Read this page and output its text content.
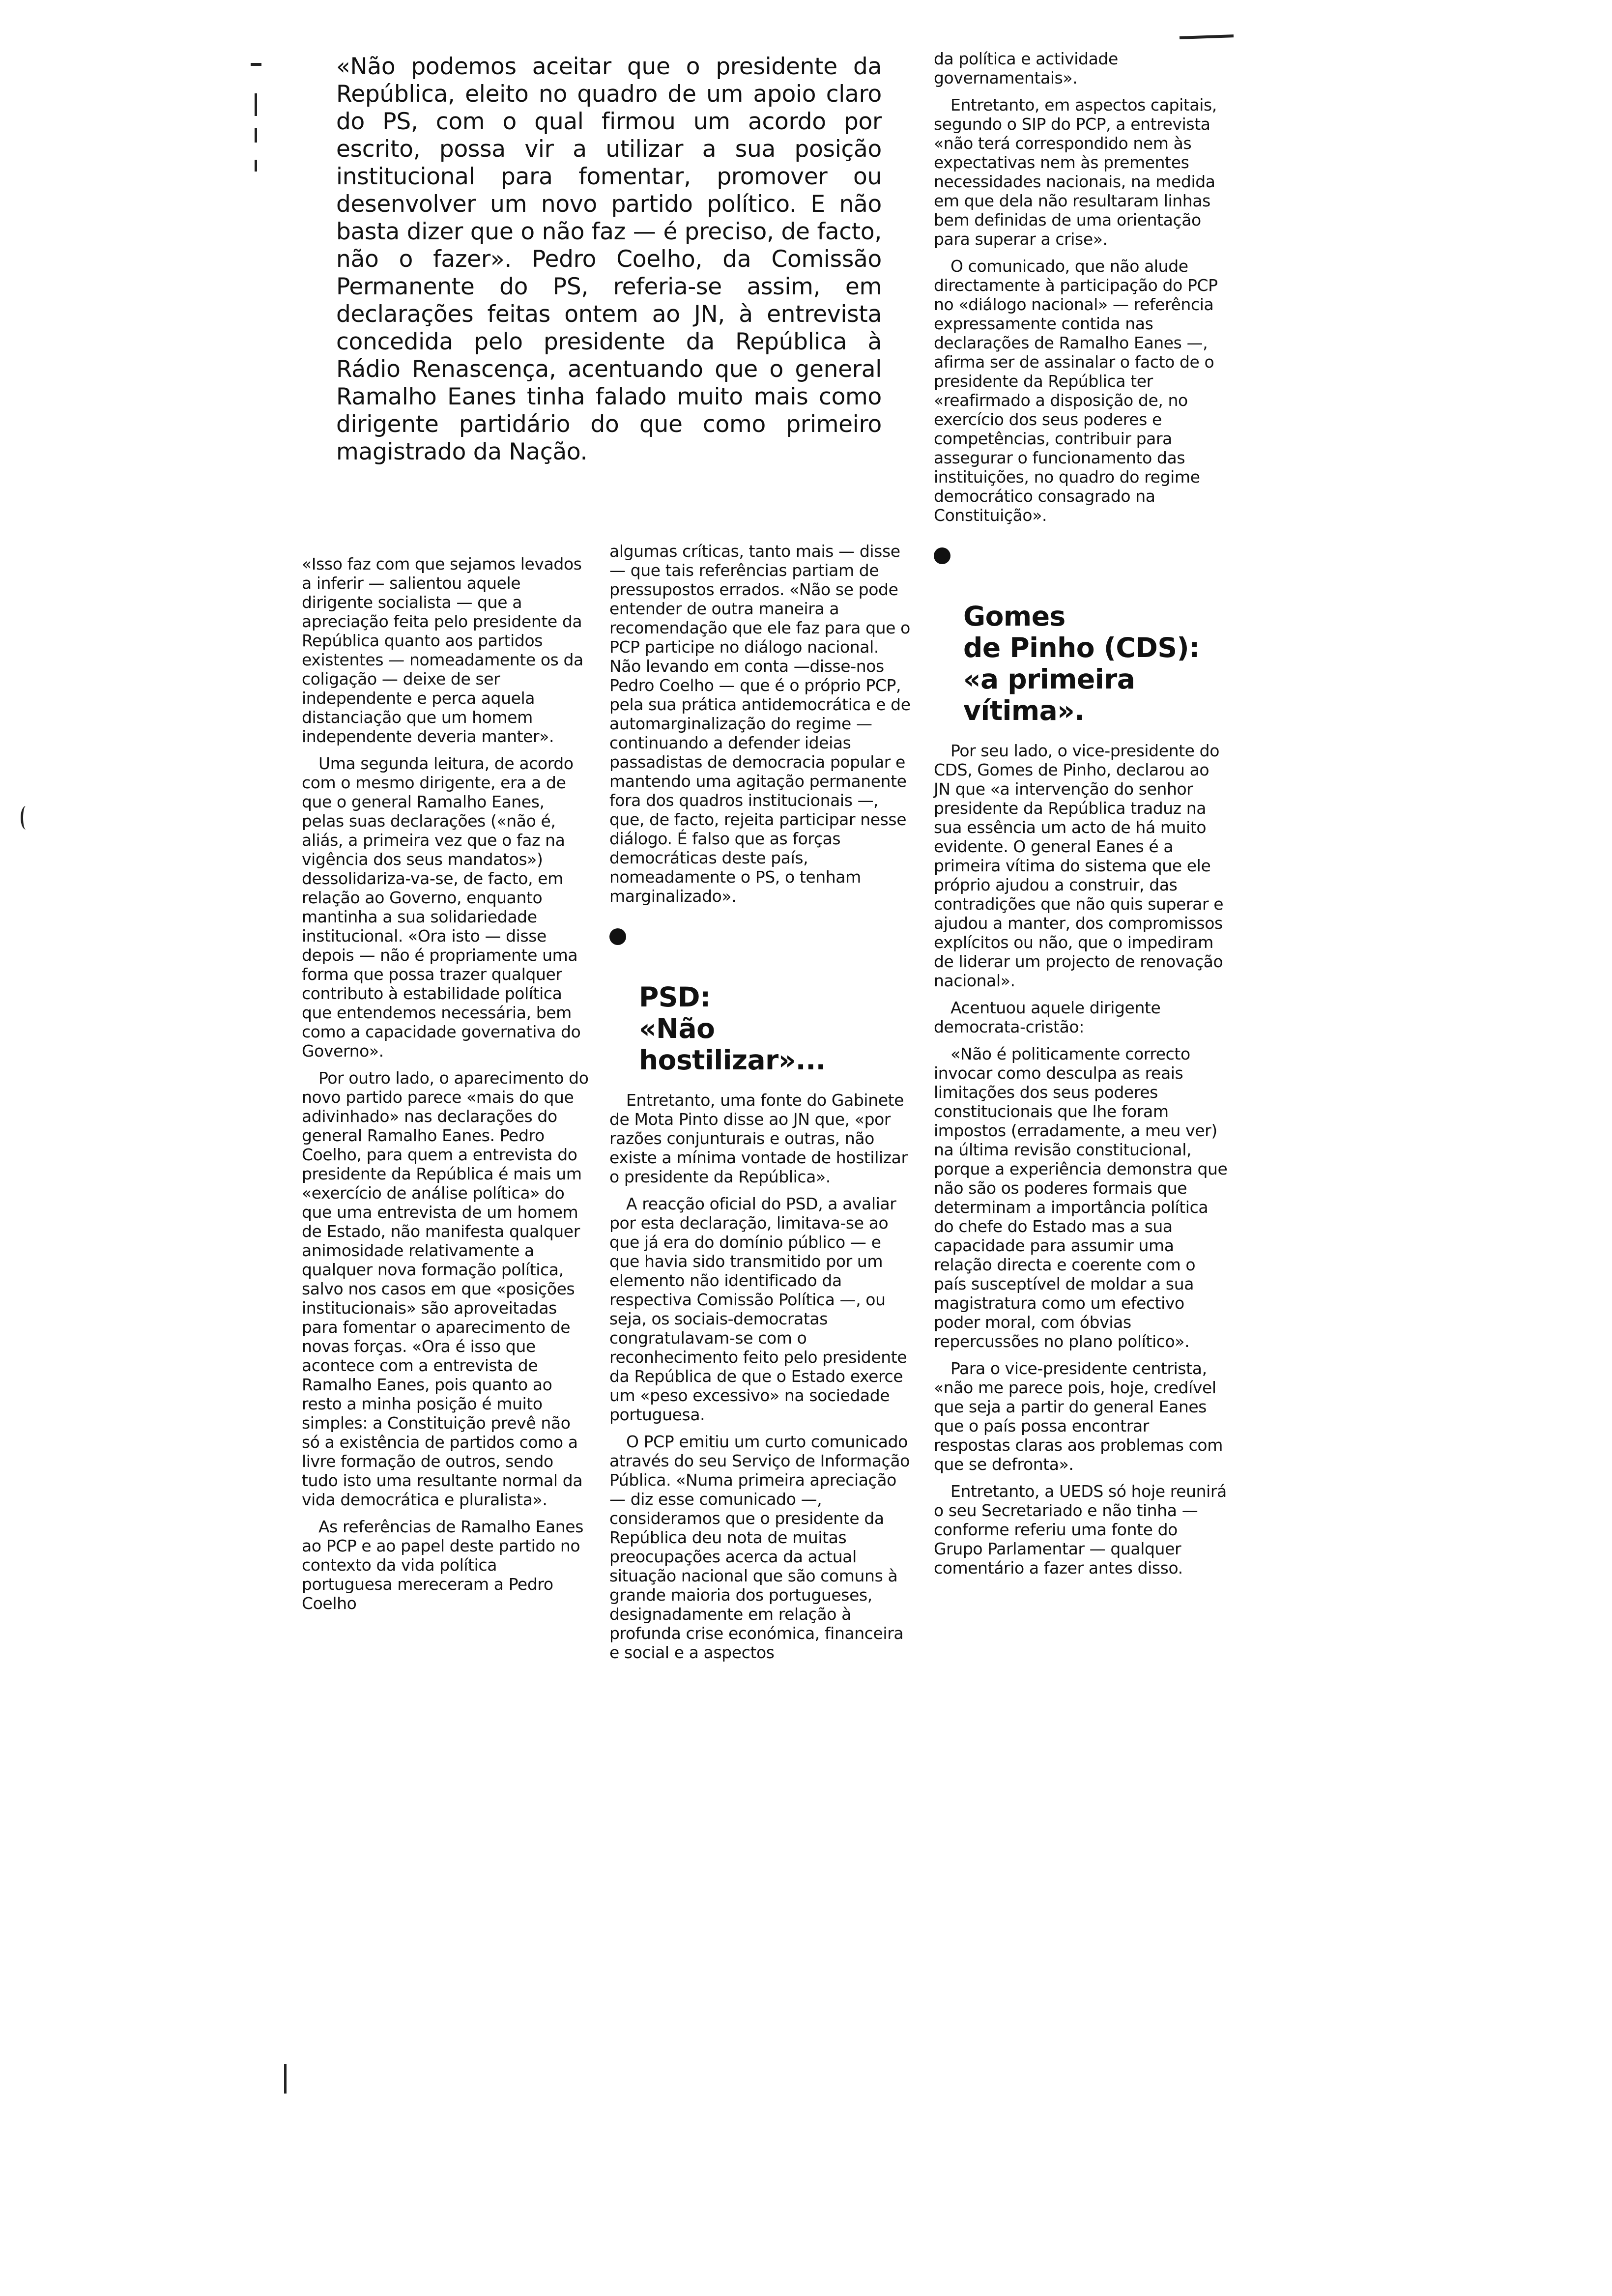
«Não podemos aceitar que o presidente da República, eleito no quadro de um apoio claro do PS, com o qual firmou um acordo por escrito, possa vir a utilizar a sua posição institucional para fomentar, promover ou desenvolver um novo partido político. E não basta dizer que o não faz — é preciso, de facto, não o fazer». Pedro Coelho, da Comissão Permanente do PS, referia-se assim, em declarações feitas ontem ao JN, à entrevista concedida pelo presidente da República à Rádio Renascença, acentuando que o general Ramalho Eanes tinha falado muito mais como dirigente partidário do que como primeiro magistrado da Nação.

«Isso faz com que sejamos levados a inferir — salientou aquele dirigente socialista — que a apreciação feita pelo presidente da República quanto aos partidos existentes — nomeadamente os da coligação — deixe de ser independente e perca aquela distanciação que um homem independente deveria manter».

Uma segunda leitura, de acordo com o mesmo dirigente, era a de que o general Ramalho Eanes, pelas suas declarações («não é, aliás, a primeira vez que o faz na vigência dos seus mandatos») dessolidariza-va-se, de facto, em relação ao Governo, enquanto mantinha a sua solidariedade institucional. «Ora isto — disse depois — não é propriamente uma forma que possa trazer qualquer contributo à estabilidade política que entendemos necessária, bem como a capacidade governativa do Governo».

Por outro lado, o aparecimento do novo partido parece «mais do que adivinhado» nas declarações do general Ramalho Eanes. Pedro Coelho, para quem a entrevista do presidente da República é mais um «exercício de análise política» do que uma entrevista de um homem de Estado, não manifesta qualquer animosidade relativamente a qualquer nova formação política, salvo nos casos em que «posições institucionais» são aproveitadas para fomentar o aparecimento de novas forças. «Ora é isso que acontece com a entrevista de Ramalho Eanes, pois quanto ao resto a minha posição é muito simples: a Constituição prevê não só a existência de partidos como a livre formação de outros, sendo tudo isto uma resultante normal da vida democrática e pluralista».

As referências de Ramalho Eanes ao PCP e ao papel deste partido no contexto da vida política portuguesa mereceram a Pedro Coelho

algumas críticas, tanto mais — disse — que tais referências partiam de pressupostos errados. «Não se pode entender de outra maneira a recomendação que ele faz para que o PCP participe no diálogo nacional. Não levando em conta —disse-nos Pedro Coelho — que é o próprio PCP, pela sua prática antidemocrática e de automarginalização do regime — continuando a defender ideias passadistas de democracia popular e mantendo uma agitação permanente fora dos quadros institucionais —, que, de facto, rejeita participar nesse diálogo. É falso que as forças democráticas deste país, nomeadamente o PS, o tenham marginalizado».

PSD:
«Não
hostilizar»...

Entretanto, uma fonte do Gabinete de Mota Pinto disse ao JN que, «por razões conjunturais e outras, não existe a mínima vontade de hostilizar o presidente da República».

A reacção oficial do PSD, a avaliar por esta declaração, limitava-se ao que já era do domínio público — e que havia sido transmitido por um elemento não identificado da respectiva Comissão Política —, ou seja, os sociais-democratas congratulavam-se com o reconhecimento feito pelo presidente da República de que o Estado exerce um «peso excessivo» na sociedade portuguesa.

O PCP emitiu um curto comunicado através do seu Serviço de Informação Pública. «Numa primeira apreciação — diz esse comunicado —, consideramos que o presidente da República deu nota de muitas preocupações acerca da actual situação nacional que são comuns à grande maioria dos portugueses, designadamente em relação à profunda crise económica, financeira e social e a aspectos

da política e actividade governamentais».

Entretanto, em aspectos capitais, segundo o SIP do PCP, a entrevista «não terá correspondido nem às expectativas nem às prementes necessidades nacionais, na medida em que dela não resultaram linhas bem definidas de uma orientação para superar a crise».

O comunicado, que não alude directamente à participação do PCP no «diálogo nacional» — referência expressamente contida nas declarações de Ramalho Eanes —, afirma ser de assinalar o facto de o presidente da República ter «reafirmado a disposição de, no exercício dos seus poderes e competências, contribuir para assegurar o funcionamento das instituições, no quadro do regime democrático consagrado na Constituição».

Gomes
de Pinho (CDS):
«a primeira
vítima».

Por seu lado, o vice-presidente do CDS, Gomes de Pinho, declarou ao JN que «a intervenção do senhor presidente da República traduz na sua essência um acto de há muito evidente. O general Eanes é a primeira vítima do sistema que ele próprio ajudou a construir, das contradições que não quis superar e ajudou a manter, dos compromissos explícitos ou não, que o impediram de liderar um projecto de renovação nacional».

Acentuou aquele dirigente democrata-cristão:

«Não é politicamente correcto invocar como desculpa as reais limitações dos seus poderes constitucionais que lhe foram impostos (erradamente, a meu ver) na última revisão constitucional, porque a experiência demonstra que não são os poderes formais que determinam a importância política do chefe do Estado mas a sua capacidade para assumir uma relação directa e coerente com o país susceptível de moldar a sua magistratura como um efectivo poder moral, com óbvias repercussões no plano político».

Para o vice-presidente centrista, «não me parece pois, hoje, credível que seja a partir do general Eanes que o país possa encontrar respostas claras aos problemas com que se defronta».

Entretanto, a UEDS só hoje reunirá o seu Secretariado e não tinha — conforme referiu uma fonte do Grupo Parlamentar — qualquer comentário a fazer antes disso.
